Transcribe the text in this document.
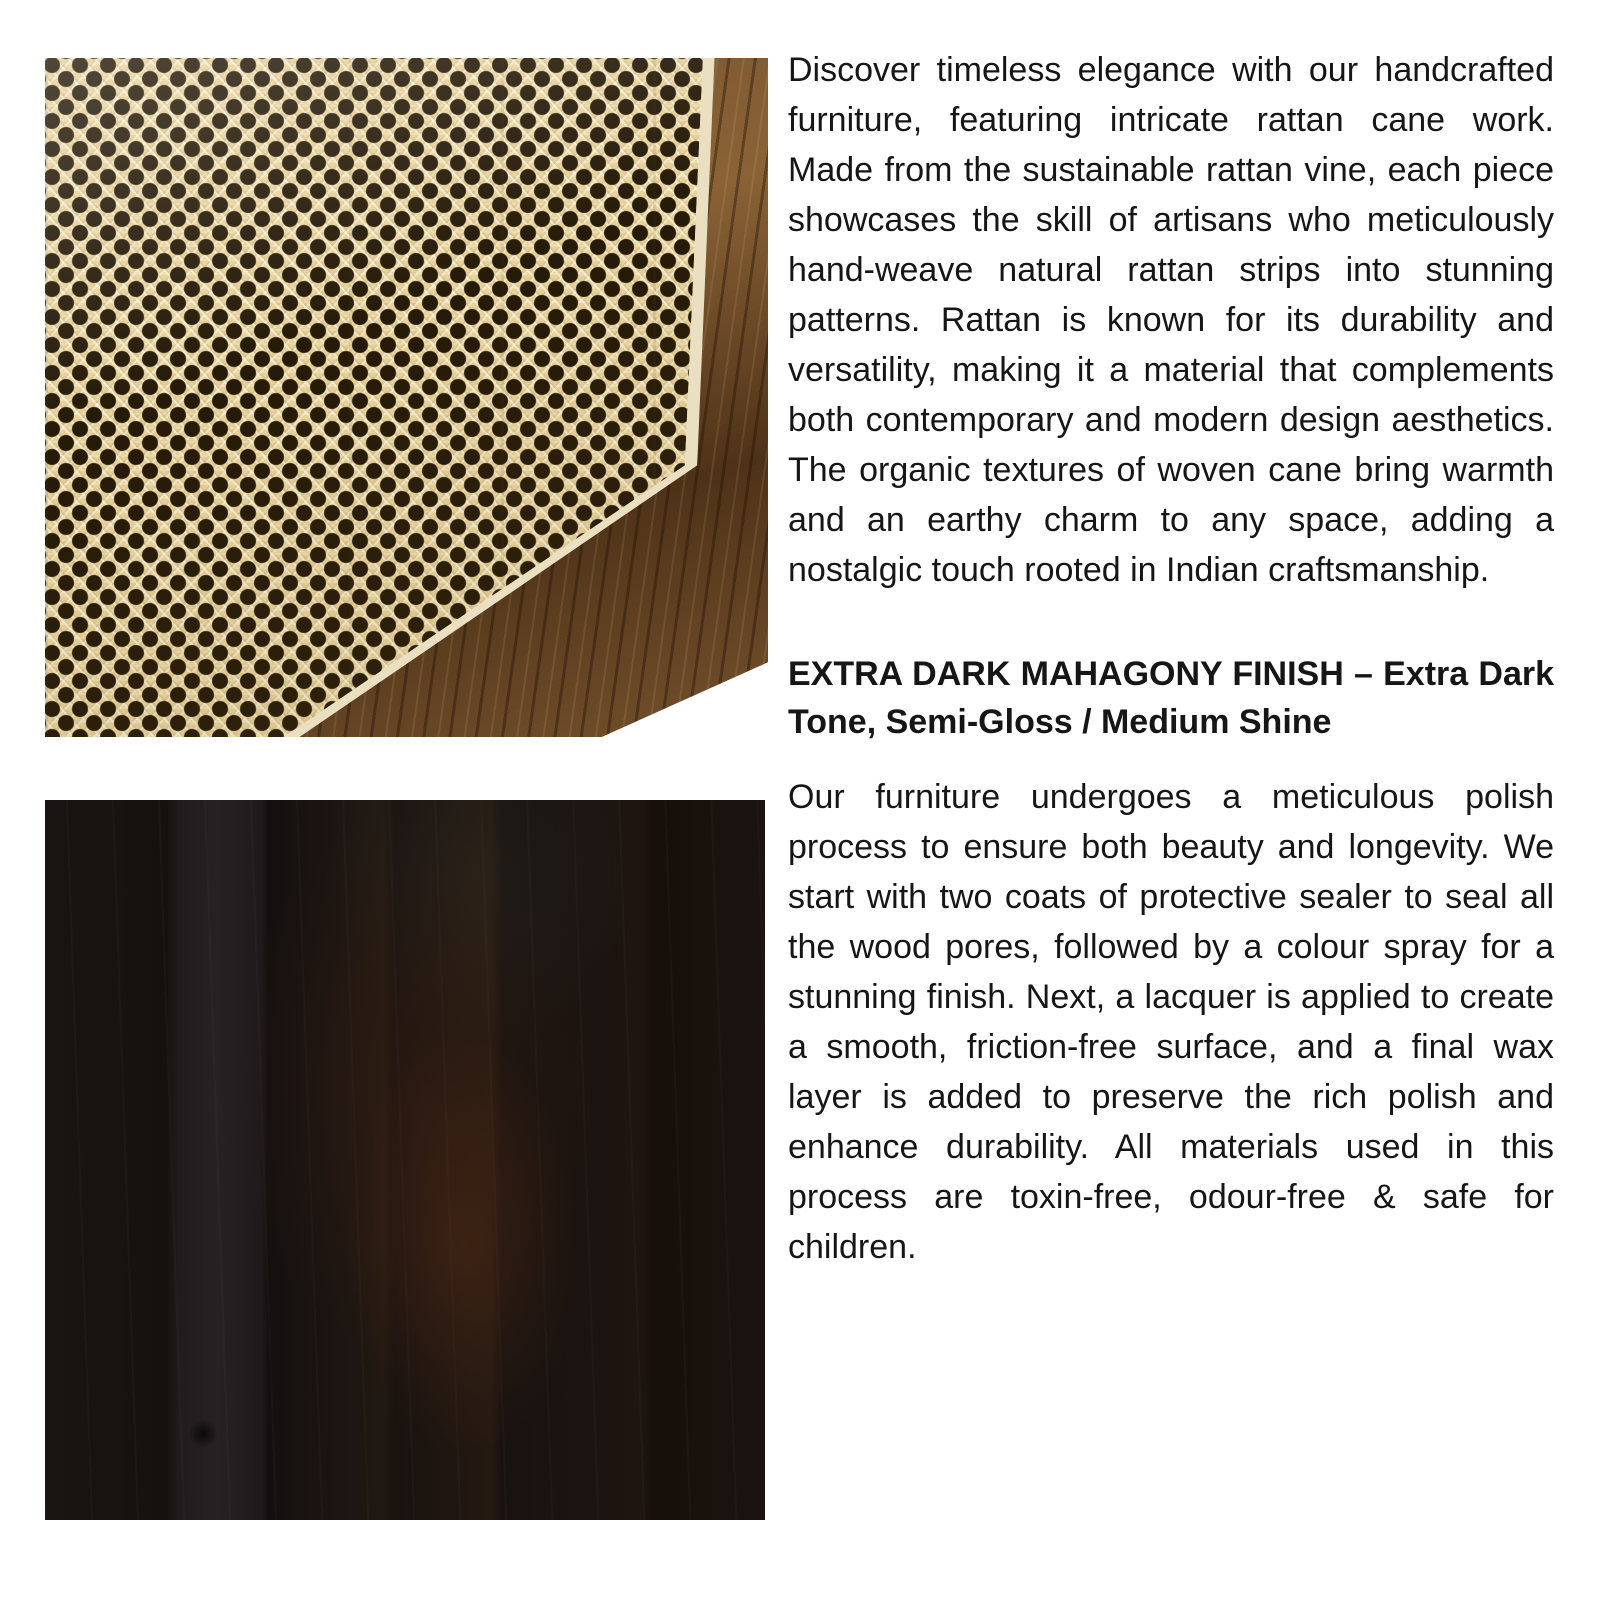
Discover timeless elegance with our handcrafted furniture, featuring intricate rattan cane work. Made from the sustainable rattan vine, each piece showcases the skill of artisans who meticulously hand-weave natural rattan strips into stunning patterns. Rattan is known for its durability and versatility, making it a material that complements both contemporary and modern design aesthetics. The organic textures of woven cane bring warmth and an earthy charm to any space, adding a nostalgic touch rooted in Indian craftsmanship.

EXTRA DARK MAHAGONY FINISH – Extra Dark Tone, Semi-Gloss / Medium Shine

Our furniture undergoes a meticulous polish process to ensure both beauty and longevity. We start with two coats of protective sealer to seal all the wood pores, followed by a colour spray for a stunning finish. Next, a lacquer is applied to create a smooth, friction-free surface, and a final wax layer is added to preserve the rich polish and enhance durability. All materials used in this process are toxin-free, odour-free & safe for children.
